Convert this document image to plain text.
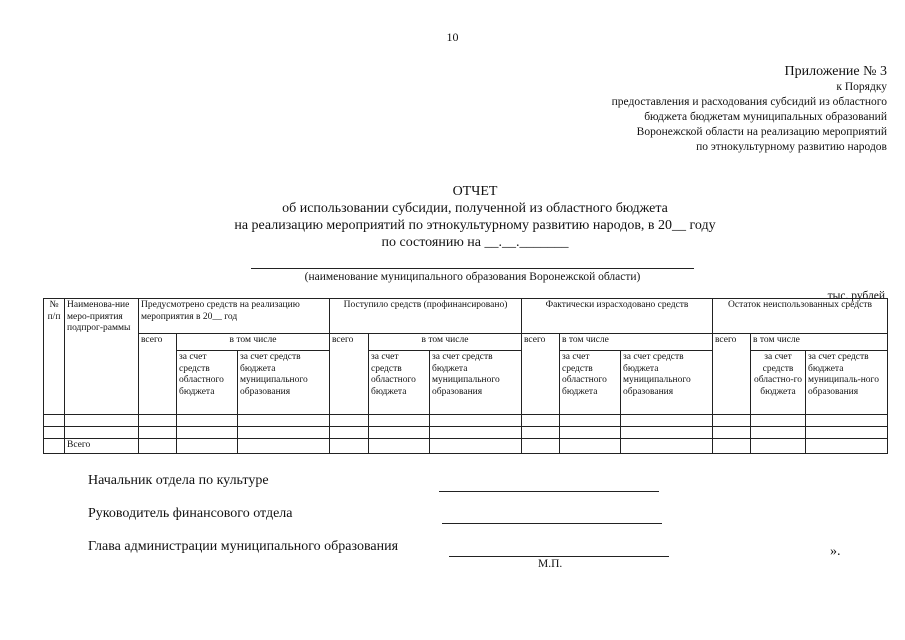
10
Приложение № 3
к Порядку
предоставления и расходования субсидий из областного
бюджета бюджетам муниципальных образований
Воронежской области на реализацию мероприятий
по этнокультурному развитию народов
ОТЧЕТ
об использовании субсидии, полученной из областного бюджета
на реализацию мероприятий по этнокультурному развитию народов, в 20__ году
по состоянию на __.__._______
(наименование муниципального образования Воронежской области)
тыс. рублей
№ п/п	Наименова-ние меро-приятия подпрог-раммы	Предусмотрено средств на реализацию мероприятия в 20__ год			Поступило средств (профинансировано)			Фактически израсходовано средств			Остаток неиспользованных средств		
		всего	в том числе		всего	в том числе		всего	в том числе		всего	в том числе	
			за счет средств областного бюджета	за счет средств бюджета муниципального образования		за счет средств областного бюджета	за счет средств бюджета муниципального образования		за счет средств областного бюджета	за счет средств бюджета муниципального образования		за счет средств областно-го бюджета	за счет средств бюджета муниципаль-ного образования

	Всего												
Начальник отдела по культуре
Руководитель финансового отдела
Глава администрации муниципального образования
М.П.
».
